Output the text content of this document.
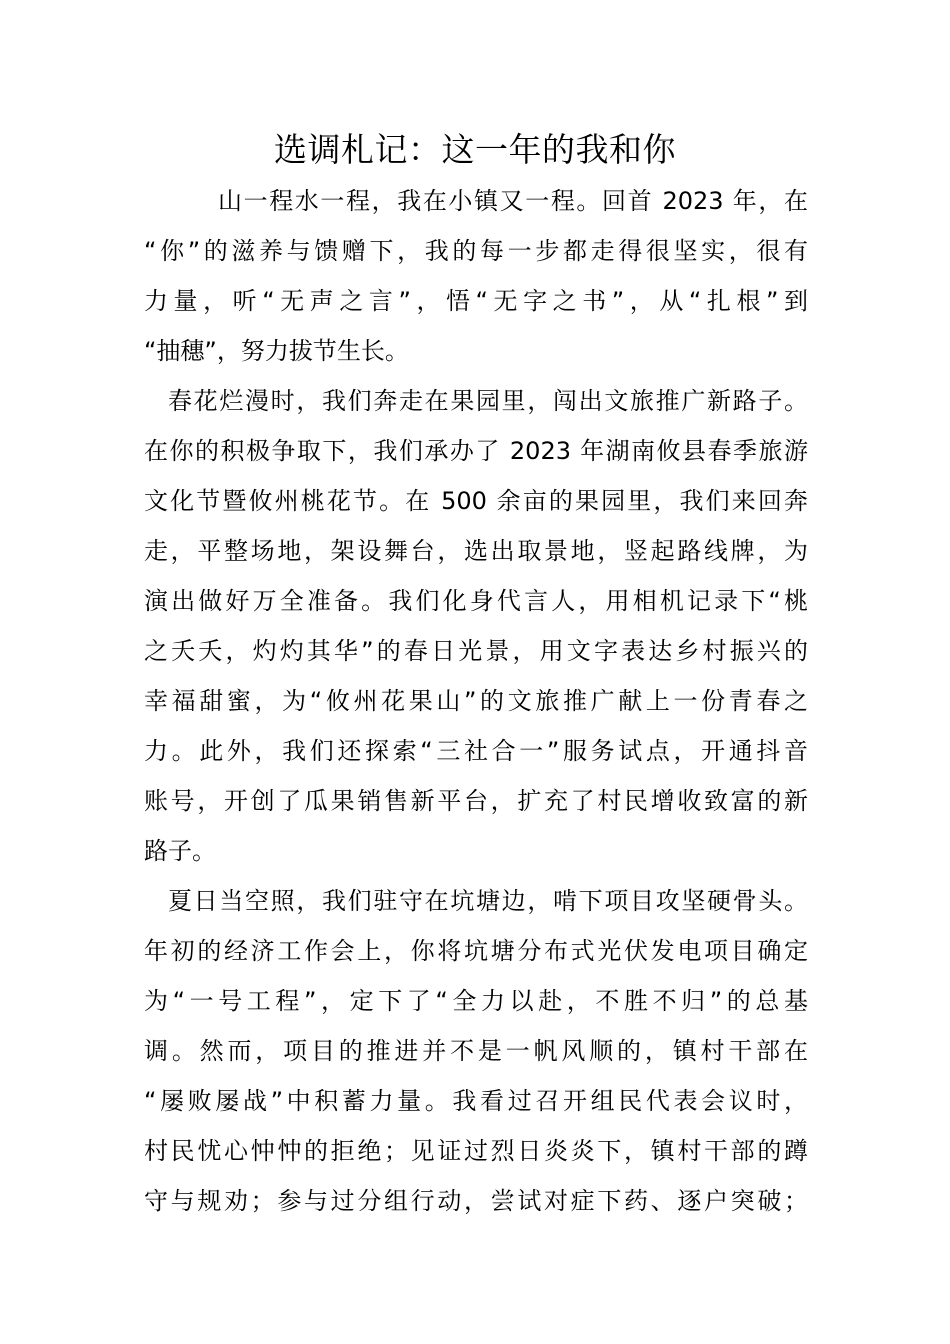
选调札记：这一年的我和你

山一程水一程，我在小镇又一程。回首 2023 年，在

“你”的滋养与馈赠下，我的每一步都走得很坚实，很有

力量，听“无声之言”，悟“无字之书”，从“扎根”到

“抽穗”，努力拔节生长。

春花烂漫时，我们奔走在果园里，闯出文旅推广新路子。

在你的积极争取下，我们承办了 2023 年湖南攸县春季旅游

文化节暨攸州桃花节。在 500 余亩的果园里，我们来回奔

走，平整场地，架设舞台，选出取景地，竖起路线牌，为

演出做好万全准备。我们化身代言人，用相机记录下“桃

之夭夭，灼灼其华”的春日光景，用文字表达乡村振兴的

幸福甜蜜，为“攸州花果山”的文旅推广献上一份青春之

力。此外，我们还探索“三社合一”服务试点，开通抖音

账号，开创了瓜果销售新平台，扩充了村民增收致富的新

路子。

夏日当空照，我们驻守在坑塘边，啃下项目攻坚硬骨头。

年初的经济工作会上，你将坑塘分布式光伏发电项目确定

为“一号工程”，定下了“全力以赴，不胜不归”的总基

调。然而，项目的推进并不是一帆风顺的，镇村干部在

“屡败屡战”中积蓄力量。我看过召开组民代表会议时，

村民忧心忡忡的拒绝；见证过烈日炎炎下，镇村干部的蹲

守与规劝；参与过分组行动，尝试对症下药、逐户突破；
